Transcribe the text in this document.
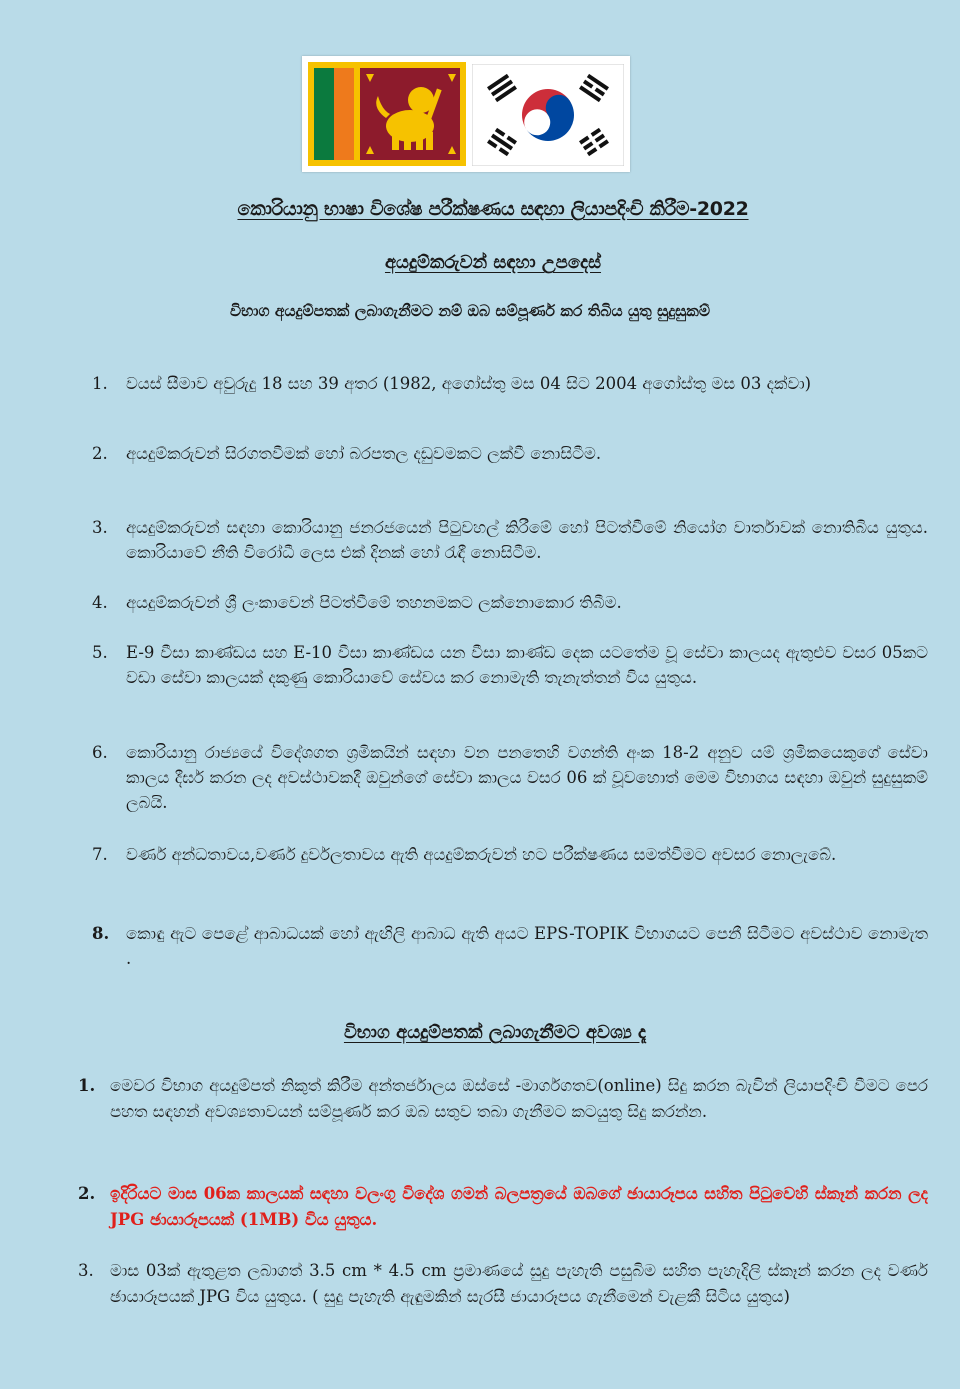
කොරියානු භාෂා විශේෂ පරීක්ෂණය සඳහා ලියාපදිංචි කිරීම-2022
අයදුම්කරුවන් සඳහා උපදෙස්
විභාග අයදුම්පතක් ලබාගැනීමට නම් ඔබ සම්පූර්ණ කර තිබිය යුතු සුදුසුකම්
1.	වයස් සීමාව අවුරුදු 18 සහ 39 අතර (1982, අගෝස්තු මස 04 සිට 2004 අගෝස්තු මස 03 දක්වා)
2.	අයදුම්කරුවන් සිරගතවීමක් හෝ බරපතල දඩුවමකට ලක්වී නොසිටීම.
3.	අයදුම්කරුවන් සඳහා කොරියානු ජනරජයෙන් පිටුවහල් කිරීමේ හෝ පිටත්වීමේ නියෝග වාර්තාවක් නොතිබිය යුතුය. කොරියාවේ නීති විරෝධී ලෙස එක් දිනක් හෝ රැඳී නොසිටීම.
4.	අයදුම්කරුවන් ශ්‍රී ලංකාවෙන් පිටත්වීමේ තහනමකට ලක්නොකොර තිබීම.
5.	E-9 වීසා කාණ්ඩය සහ E-10 වීසා කාණ්ඩය යන වීසා කාණ්ඩ දෙක යටතේම වූ සේවා කාලයද ඇතුළුව වසර 05කට වඩා සේවා කාලයක් දකුණු කොරියාවේ සේවය කර නොමැති තැනැත්තන් විය යුතුය.
6.	කොරියානු රාජ්‍යයේ විදේශගත ශ්‍රමිකයින් සඳහා වන පනතෙහි වගන්ති අංක 18-2 අනුව යම් ශ්‍රමිකයෙකුගේ සේවා කාලය දීර්ඝ කරන ලද අවස්ථාවකදී ඔවුන්ගේ සේවා කාලය වසර 06 ක් වූවහොත් මෙම විභාගය සඳහා ඔවුන් සුදුසුකම් ලබයි.
7.	වර්ණ අන්ධතාවය,වර්ණ දුර්වලතාවය ඇති අයදුම්කරුවන් හට පරීක්ෂණය සමත්වීමට අවසර නොලැබේ.
8.	කොඳු ඇට පෙළේ ආබාධයක් හෝ ඇඟිලි ආබාධ ඇති අයට EPS-TOPIK විභාගයට පෙනී සිටීමට අවස්ථාව නොමැත .
විභාග අයදුම්පතක් ලබාගැනීමට අවශ්‍ය දෑ
1. මෙවර විභාග අයදුම්පත් නිකුත් කිරීම අන්තර්ජාලය ඔස්සේ -මාර්ගගතව(online) සිදු කරන බැවින් ලියාපදිංචි වීමට පෙර පහත සඳහන් අවශ්‍යතාවයන් සම්පූර්ණ කර ඔබ සතුව තබා ගැනීමට කටයුතු සිදු කරන්න.
2. ඉදිරියට මාස 06ක කාලයක් සඳහා වලංගු විදේශ ගමන් බලපත්‍රයේ ඔබගේ ඡායාරූපය සහිත පිටුවෙහි ස්කෑන් කරන ලද JPG ඡායාරූපයක් (1MB) විය යුතුය.
3. මාස 03ක් ඇතුළත ලබාගත් 3.5 cm * 4.5 cm ප්‍රමාණයේ සුදු පැහැති පසුබිම සහිත පැහැදිලි ස්කෑන් කරන ලද වර්ණ ඡායාරූපයක් JPG විය යුතුය. ( සුදු පැහැති ඇඳුමකින් සැරසී ජායාරූපය ගැනීමෙන් වැළකී සිටිය යුතුය)
